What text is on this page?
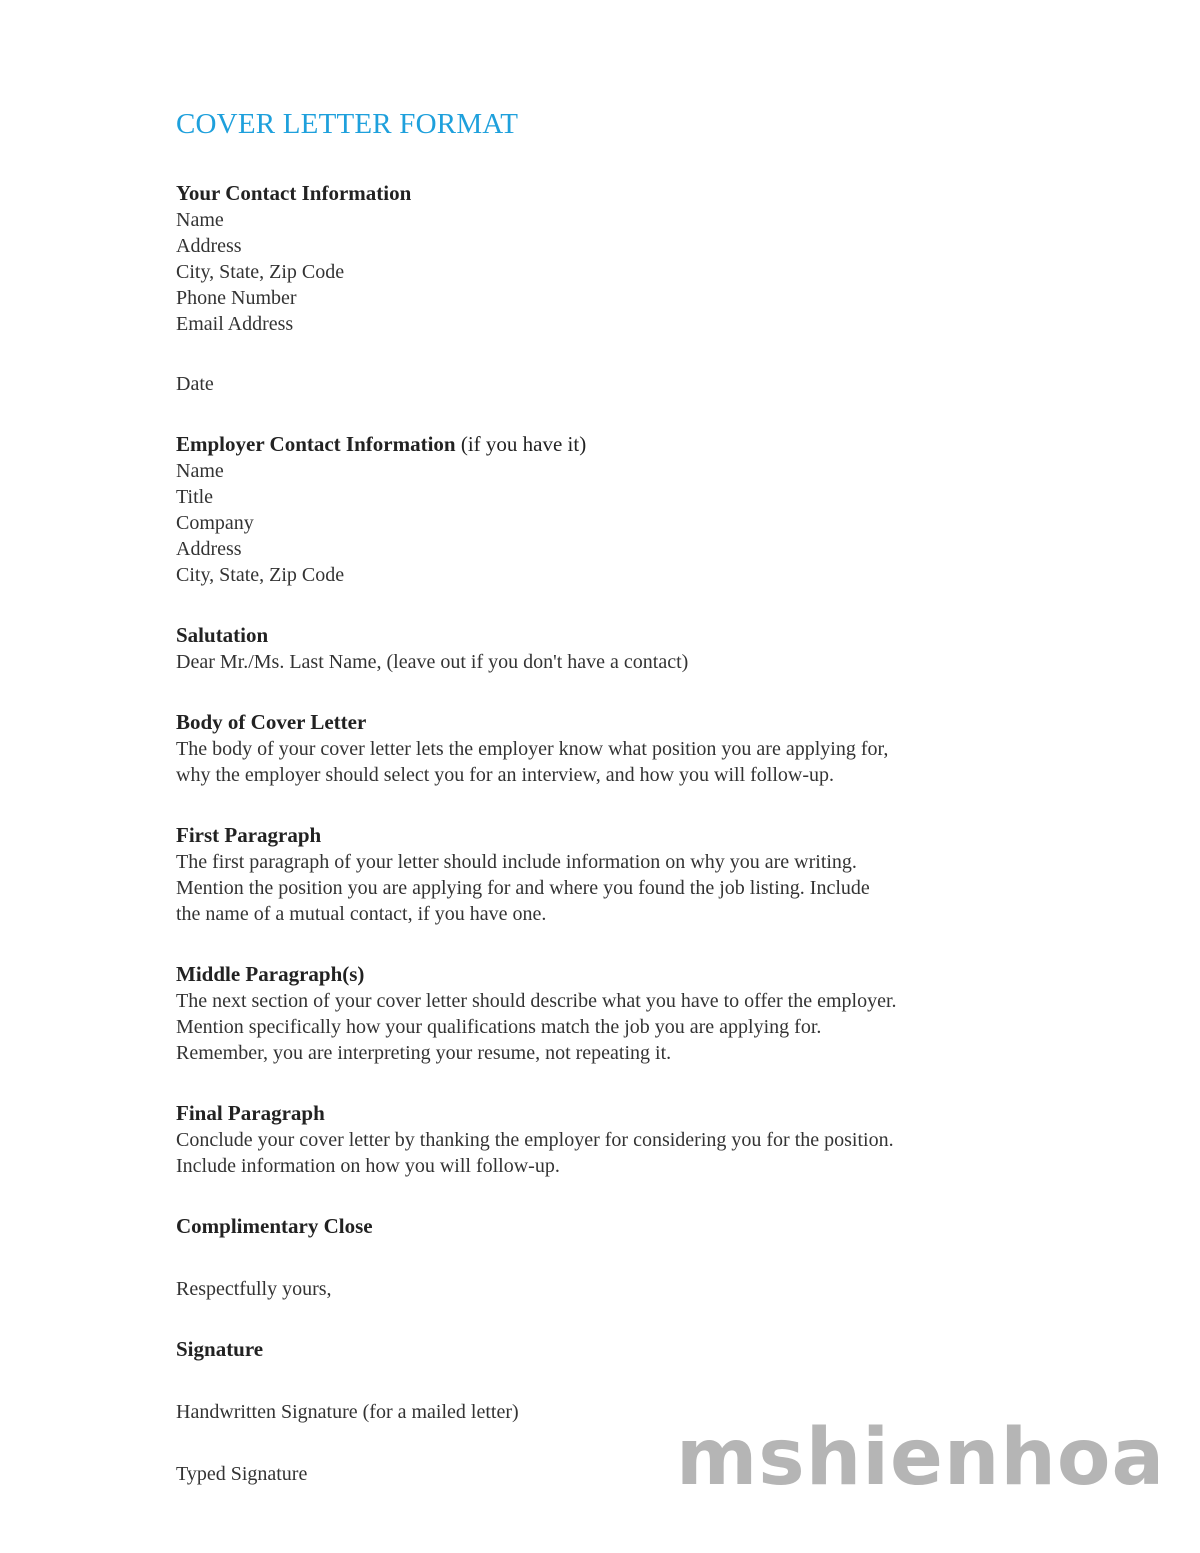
COVER LETTER FORMAT
Your Contact Information
Name
Address
City, State, Zip Code
Phone Number
Email Address
Date
Employer Contact Information (if you have it)
Name
Title
Company
Address
City, State, Zip Code
Salutation
Dear Mr./Ms. Last Name, (leave out if you don't have a contact)
Body of Cover Letter
The body of your cover letter lets the employer know what position you are applying for,
why the employer should select you for an interview, and how you will follow-up.
First Paragraph
The first paragraph of your letter should include information on why you are writing.
Mention the position you are applying for and where you found the job listing. Include
the name of a mutual contact, if you have one.
Middle Paragraph(s)
The next section of your cover letter should describe what you have to offer the employer.
Mention specifically how your qualifications match the job you are applying for.
Remember, you are interpreting your resume, not repeating it.
Final Paragraph
Conclude your cover letter by thanking the employer for considering you for the position.
Include information on how you will follow-up.
Complimentary Close
Respectfully yours,
Signature
Handwritten Signature (for a mailed letter)
Typed Signature	mshienhoa
